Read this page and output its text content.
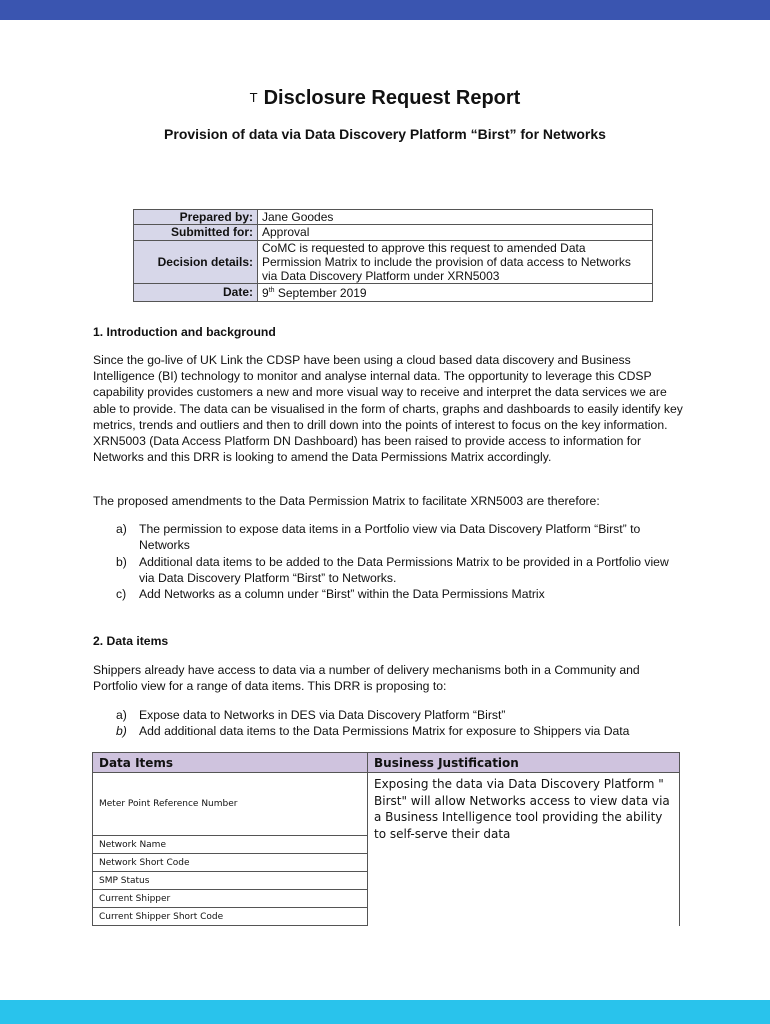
T Disclosure Request Report
Provision of data via Data Discovery Platform “Birst” for Networks
Prepared by:	Jane Goodes
Submitted for:	Approval
Decision details:	CoMC is requested to approve this request to amended Data Permission Matrix to include the provision of data access to Networks via Data Discovery Platform under XRN5003
Date:	9th September 2019
1. Introduction and background
Since the go-live of UK Link the CDSP have been using a cloud based data discovery and Business Intelligence (BI) technology to monitor and analyse internal data. The opportunity to leverage this CDSP capability provides customers a new and more visual way to receive and interpret the data services we are able to provide. The data can be visualised in the form of charts, graphs and dashboards to easily identify key metrics, trends and outliers and then to drill down into the points of interest to focus on the key information. XRN5003 (Data Access Platform DN Dashboard) has been raised to provide access to information for Networks and this DRR is looking to amend the Data Permissions Matrix accordingly.
The proposed amendments to the Data Permission Matrix to facilitate XRN5003 are therefore:
a) The permission to expose data items in a Portfolio view via Data Discovery Platform “Birst” to Networks
b) Additional data items to be added to the Data Permissions Matrix to be provided in a Portfolio view via Data Discovery Platform “Birst” to Networks.
c) Add Networks as a column under “Birst” within the Data Permissions Matrix
2. Data items
Shippers already have access to data via a number of delivery mechanisms both in a Community and Portfolio view for a range of data items. This DRR is proposing to:
a) Expose data to Networks in DES via Data Discovery Platform “Birst”
b) Add additional data items to the Data Permissions Matrix for exposure to Shippers via Data
Data Items	Business Justification
Meter Point Reference Number	Exposing the data via Data Discovery Platform " Birst" will allow Networks access to view data via a Business Intelligence tool providing the ability to self-serve their data
Network Name	
Network Short Code	
SMP Status	
Current Shipper	
Current Shipper Short Code	
